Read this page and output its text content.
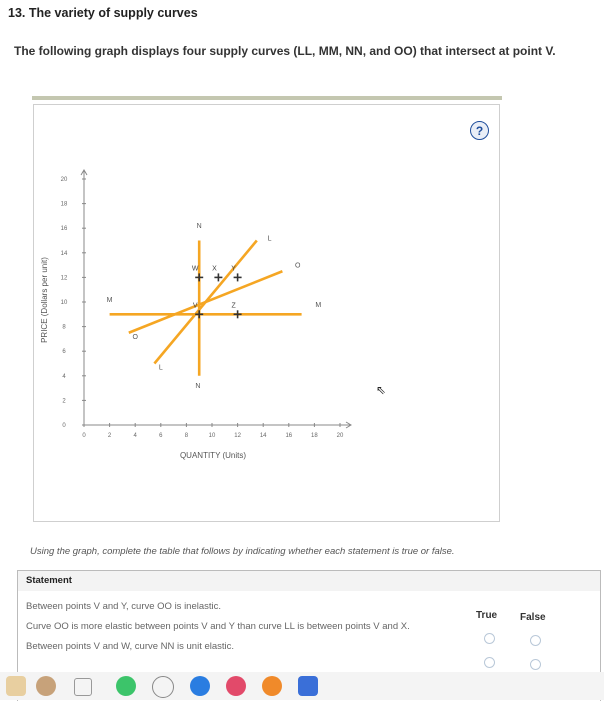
13. The variety of supply curves
The following graph displays four supply curves (LL, MM, NN, and OO) that intersect at point V.
?
0	2	4	6	8	10	12	14	16	18	20
0
2
4
6
8
10
12
14
16
18
20
M
O
L
N
N
L
O
M
V
W X Y
Z
QUANTITY (Units)
PRICE (Dollars per unit)
Statement
True False
Between points V and Y, curve OO is inelastic.
Curve OO is more elastic between points V and Y than curve LL is between points V and X.
Between points V and W, curve NN is unit elastic.
Using the graph, complete the table that follows by indicating whether each statement is true or false.
⇖
